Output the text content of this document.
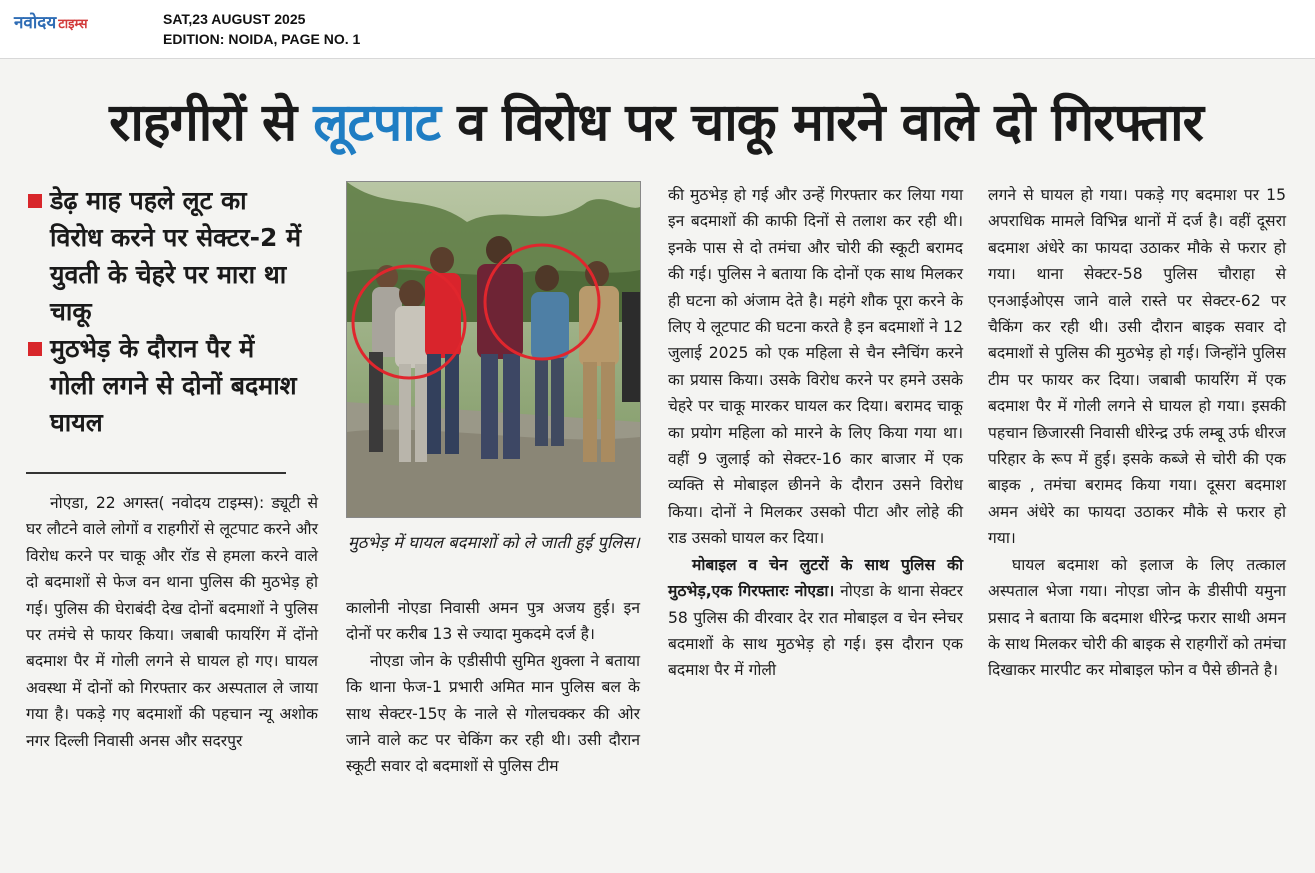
नवोदय टाइम्स	SAT,23 AUGUST 2025
EDITION: NOIDA, PAGE NO. 1
राहगीरों से लूटपाट व विरोध पर चाकू मारने वाले दो गिरफ्तार

डेढ़ माह पहले लूट का विरोध करने पर सेक्टर-2 में युवती के चेहरे पर मारा था चाकू

मुठभेड़ के दौरान पैर में गोली लगने से दोनों बदमाश घायल

नोएडा, 22 अगस्त( नवोदय टाइम्स): ड्यूटी से घर लौटने वाले लोगों व राहगीरों से लूटपाट करने और विरोध करने पर चाकू और रॉड से हमला करने वाले दो बदमाशों से फेज वन थाना पुलिस की मुठभेड़ हो गई। पुलिस की घेराबंदी देख दोनों बदमाशों ने पुलिस पर तमंचे से फायर किया। जबाबी फायरिंग में दोंनो बदमाश पैर में गोली लगने से घायल हो गए। घायल अवस्था में दोनों को गिरफ्तार कर अस्पताल ले जाया गया है। पकड़े गए बदमाशों की पहचान न्यू अशोक नगर दिल्ली निवासी अनस और सदरपुर

मुठभेड़ में घायल बदमाशों को ले जाती हुई पुलिस।

कालोनी नोएडा निवासी अमन पुत्र अजय हुई। इन दोनों पर करीब 13 से ज्यादा मुकदमे दर्ज है।

नोएडा जोन के एडीसीपी सुमित शुक्ला ने बताया कि थाना फेज-1 प्रभारी अमित मान पुलिस बल के साथ सेक्टर-15ए के नाले से गोलचक्कर की ओर जाने वाले कट पर चेकिंग कर रही थी। उसी दौरान स्कूटी सवार दो बदमाशों से पुलिस टीम

की मुठभेड़ हो गई और उन्हें गिरफ्तार कर लिया गया इन बदमाशों की काफी दिनों से तलाश कर रही थी। इनके पास से दो तमंचा और चोरी की स्कूटी बरामद की गई। पुलिस ने बताया कि दोनों एक साथ मिलकर ही घटना को अंजाम देते है। महंगे शौक पूरा करने के लिए ये लूटपाट की घटना करते है इन बदमाशों ने 12 जुलाई 2025 को एक महिला से चैन स्नैचिंग करने का प्रयास किया। उसके विरोध करने पर हमने उसके चेहरे पर चाकू मारकर घायल कर दिया। बरामद चाकू का प्रयोग महिला को मारने के लिए किया गया था। वहीं 9 जुलाई को सेक्टर-16 कार बाजार में एक व्यक्ति से मोबाइल छीनने के दौरान उसने विरोध किया। दोनों ने मिलकर उसको पीटा और लोहे की राड उसको घायल कर दिया।

मोबाइल व चेन लुटरों के साथ पुलिस की मुठभेड़,एक गिरफ्तारः नोएडा। नोएडा के थाना सेक्टर 58 पुलिस की वीरवार देर रात मोबाइल व चेन स्नेचर बदमाशों के साथ मुठभेड़ हो गई। इस दौरान एक बदमाश पैर में गोली

लगने से घायल हो गया। पकड़े गए बदमाश पर 15 अपराधिक मामले विभिन्न थानों में दर्ज है। वहीं दूसरा बदमाश अंधेरे का फायदा उठाकर मौके से फरार हो गया। थाना सेक्टर-58 पुलिस चौराहा से एनआईओएस जाने वाले रास्ते पर सेक्टर-62 पर चैकिंग कर रही थी। उसी दौरान बाइक सवार दो बदमाशों से पुलिस की मुठभेड़ हो गई। जिन्होंने पुलिस टीम पर फायर कर दिया। जबाबी फायरिंग में एक बदमाश पैर में गोली लगने से घायल हो गया। इसकी पहचान छिजारसी निवासी धीरेन्द्र उर्फ लम्बू उर्फ धीरज परिहार के रूप में हुई। इसके कब्जे से चोरी की एक बाइक , तमंचा बरामद किया गया। दूसरा बदमाश अमन अंधेरे का फायदा उठाकर मौके से फरार हो गया।

घायल बदमाश को इलाज के लिए तत्काल अस्पताल भेजा गया। नोएडा जोन के डीसीपी यमुना प्रसाद ने बताया कि बदमाश धीरेन्द्र फरार साथी अमन के साथ मिलकर चोरी की बाइक से राहगीरों को तमंचा दिखाकर मारपीट कर मोबाइल फोन व पैसे छीनते है।
